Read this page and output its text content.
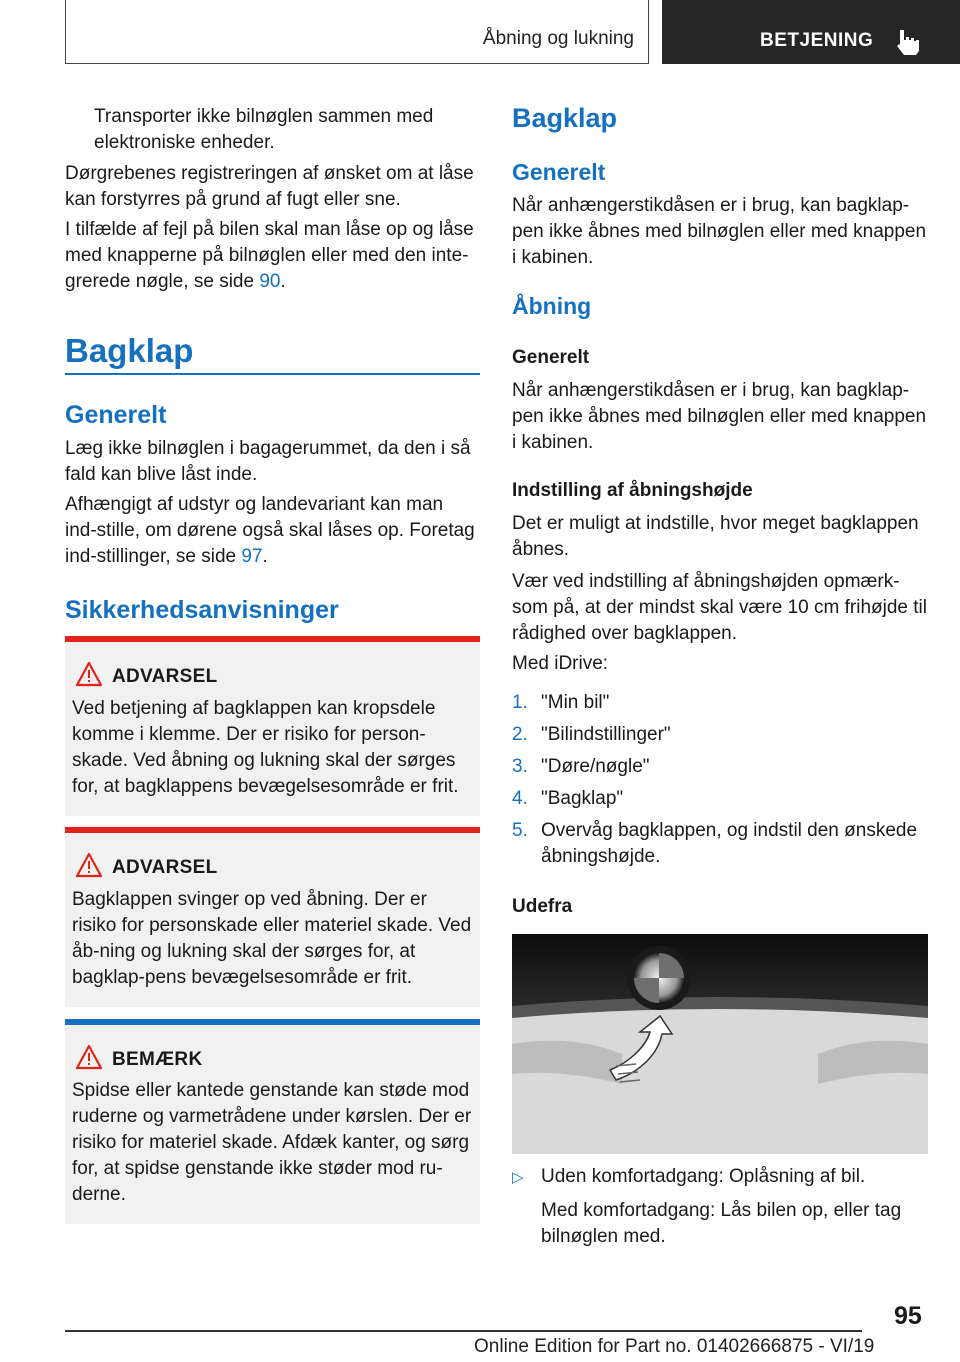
Åbning og lukning	BETJENING

Transporter ikke bilnøglen sammen med elektroniske enheder.

Dørgrebenes registreringen af ønsket om at låse kan forstyrres på grund af fugt eller sne.

I tilfælde af fejl på bilen skal man låse op og låse med knapperne på bilnøglen eller med den inte-grerede nøgle, se side 90.

Bagklap
Generelt

Læg ikke bilnøglen i bagagerummet, da den i så fald kan blive låst inde.

Afhængigt af udstyr og landevariant kan man ind-stille, om dørene også skal låses op. Foretag ind-stillinger, se side 97.

Sikkerhedsanvisninger
ADVARSEL

Ved betjening af bagklappen kan kropsdele komme i klemme. Der er risiko for person-skade. Ved åbning og lukning skal der sørges for, at bagklappens bevægelsesområde er frit.

ADVARSEL

Bagklappen svinger op ved åbning. Der er risiko for personskade eller materiel skade. Ved åb-ning og lukning skal der sørges for, at bagklap-pens bevægelsesområde er frit.

BEMÆRK

Spidse eller kantede genstande kan støde mod ruderne og varmetrådene under kørslen. Der er risiko for materiel skade. Afdæk kanter, og sørg for, at spidse genstande ikke støder mod ru-derne.

Bagklap
Generelt

Når anhængerstikdåsen er i brug, kan bagklap-pen ikke åbnes med bilnøglen eller med knappen i kabinen.

Åbning
Generelt

Når anhængerstikdåsen er i brug, kan bagklap-pen ikke åbnes med bilnøglen eller med knappen i kabinen.

Indstilling af åbningshøjde

Det er muligt at indstille, hvor meget bagklappen åbnes.

Vær ved indstilling af åbningshøjden opmærk-som på, at der mindst skal være 10 cm frihøjde til rådighed over bagklappen.

Med iDrive:

1. "Min bil"

2. "Bilindstillinger"

3. "Døre/nøgle"

4. "Bagklap"

5. Overvåg bagklappen, og indstil den ønskede åbningshøjde.

Udefra
▷ Uden komfortadgang: Oplåsning af bil.

Med komfortadgang: Lås bilen op, eller tag bilnøglen med.

95
Online Edition for Part no. 01402666875 - VI/19
